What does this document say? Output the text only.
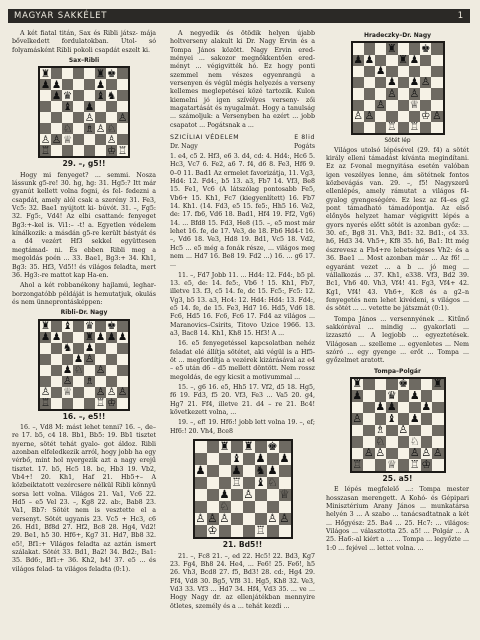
MAGYAR SAKKÉLET	1

A két fiatal titán, Sax és Ribli játsz- mája bővelkedett fordulatokban. Utol- só folyamásként Ribli pokoli csapdát eszelt ki.

Sax–Ribli
♜	♜ ♚
♟ ♟	♟
♟ ♛ ♝ ♞
♝ ♟
♙ ♙
♘ ♗ ♙ ♘
♙ ♙ ♕	♙
♖	♔ ♖
29. –, g5!!

Hogy mi fenyeget? ... semmi. Noszа lássunk g5-re! 30. hg, hg: 31. Hg5:? Itt már gyanút kellett volna fogni, és fel- fedezni a csapdát, amely alól csak a szerény 31. Fe3, Vc5: 32. Bae1 nyújtott ki- búvót. 31. –, Fg5: 32. Fg5:, Vd4! Az elbi csattanó: fenyeget Bg3:+-kel is. Vi1:– -t! a. Egyetlen védelem kínálkozik: a másdán g5-re került bástyát és a d4 vezért Hf3 sekkel együttesen megtámad- ni. És ebben Ribli meg a megoldás poén ... 33. Bae1, Bg3:+ 34. Kh1, Bg3: 35. Hf3, Vd5!! és világos feladta, mert 36. Hg3:-re mattot kap Ha-en.

Ahol a két robbanékony hajlamú, leghar- borzongatóbb példáját is hemutatjuk, okulás és nem ünneprontásképpen:

Ribli–Dr. Nagy
♜ ♝ ♛ ♚
♟ ♟ ♜ ♟ ♟ ♟
♞ ♟
♟ ♙
♟ ♘ ♙
♙ ♗
♙ ♕ ♙ ♙ ♙
♖	♖ ♔
16. –, e5!!

16. –, Vd8 M: mást lehet tenni? 16. –, de–re 17. b5, c4 18. Bb1, Bb5: 19. Bb1 tisztet nyerne, sötét tehát gyalo- got áldoz. Ribli azonban elfeledkezik arról, hogy jobb ha egy vérbő, mint hol nyergezik azt a nagy erejű tisztet. 17. b5, Hc5 18. bc, Hb3 19. Vb2, Vb4+! 20. Kh1, Haf 21. Hb5+– A közbeiktatott vezércsere nélkül Ribli könnyű sorsa lett volna. Világos 21. Va1, Vc6 22. Hd5 – e5 Vel 23. –, Kg8 22. ab:, Bab8 23. Va1, Bb7: Sötét nem is vesztette el a versenyt. Sötét ugyanis 23. Vc5 + Hc3, c6 26. Hd1, Bf8d 27. Hf2, Bc8 28. Hg4, Vd2! 29. Be1, h5 30. Hf6+, Kg7 31. Hd7, Bb8 32. e5!, Bf1:+ Világos feladta az aztán ismert szálakat. Sötét 33. Bd1, Ba2! 34. Bd2:, Ba1: 35. Bd6:, Bf1:+ 36. Kh2, h4! 37. e5 ... és világos felad- ta világos feladta (0:1).

A negyedik és ötödik helyen újabb holtverseny alakult ki Dr. Nagy Ervin és a Tompa János között. Nagy Ervin ered- ményei ... sakozor megnőkkentően ered- ményt ... végigvitték hó. Ez hogy ponti szemmel nem vészes egyenrangú a versenyen és végül mégis helyezés a verseny kellemes meglepetései közé tartozik. Kulon kiemelni jó igen szívélyes verseny- zői magatartását és nyugalmát. Hogy a tanulság ... számoljuk: a Versenyben ha ezért ... jobb csapatot ... Pogátsnak a ...

SZICÍLIAI VÉDELEM	E 8lid
Dr. Nagy	Pogáts

1. e4, c5 2. Hf3, e6 3. d4, cd: 4. Hd4:, Hc6 5. Hc3, Vc7 6. Fe2, a6 7. f4, d6 8. Fe3, Hf6 9. 0–0 11. Bad1 Az ermelet favorizátja, 11. Vg3, Hd4: 12. Fd4:, b5 13. a3, Fb7 14. Vf3, Be8 15. Fe1, Vc6 (A látszólag pontosabb Fe5, Vb6+ 15. Kh1, Fc7 (kiegyenlített) 16. Fb7 14. Kh1. (14. Fd3, e5 15. fe5:, Hh5 16. Ve2, de: 17. fb6, Vd6 18. Bad1, Hf4 19. Ff2, Vg6) 14. ... Bfd8 15. Fd3, He8 (15. –, e5 most már lehet 16. fe, de 17. Ve3, de 18. Fb6 Hd4-t 16. –, Vd6 18. Ve3, Hd8 19. Bd1, Vc5 18. Vd2, Hc5 ... e5 még a fonák része, ... világos meg nem ... Hd7 16. Be8 19. Fd2 ...) 16. ... g6 17. ...

11. –, Fd7 Jobb 11. ... Hd4: 12. Fd4:, b5 pl. 13. e5, de: 14. fe5:, Vb6 ! 15. Kh1, Fb7, illetve 13. f3, c5 14. fe, dc 15. Fc5:, Fc5: 12. Vg3, b5 13. a3, Hc4: 12. Hd4: Hd4: 13. Fd4:, e5 14. fe, de 15. Fe3, Hd7 16. Hd5, Vd6 18. Fc6, Hd5 16. Fc6, Fc6 17. Fd4 az világos ... Maranovics–Csirits, Titovo Uzice 1966. 13. a3, Bac8 14. Kh1, Kh8 15. Hf3! A ...

16. e5 fenyegetéssel kapcsolatban nehéz feladat elé állítja sötétet, aki végül is a Hf5-öt ... megfordítja a vezérek kizárásával az e4 – e5 után d6 – d5 mellett döntött. Nem rossz megoldás, de egy kicsit a motivummal ...

15. –, g6 16. e5, Hh5 17. Vf2, d5 18. Hg5, f6 19. Fd3, f5 20. Vf3, Fe3 ... Va5 20. g4, Hg7 21. Ff4, illetve 21. d4 – re 21. Bc4! következett volna, ...

19. –, ef! 19. Hf6:! jobb lett volna 19. –, ef; Hf6:! 20. Vh4, Bce8

♜ ♜ ♚
♝ ♟ ♟
♟ ♟ ♞ ♟
♖ ♝ ♘
♟ ♙ ♕
♘
♙ ♙ ♙	♙ ♙
♔	♖
21. Bd5!!

21. –, Fc8 21. –, ed 22. Hc5! 22. Bd3, Kg7 23. Fg4, Bh8 24. He4, ... Fe6! 25. Fe6!, h5 26. Vh3, Bcd8 27. f5, Bd3! 28. cd:, Hg4 29. Ff4, Vd8 30. Bg5, Vf8 31. Hg5, Kh8 32. Ve3, Vd3 33. Vf3 ... Hd7 34. Hf4, Vd3 35. ... ve ... Hogy Nagy dr. az ellenjátékban mennyire ötletes, személy és a ... tehát kezdi ...

Hradeczky–Dr. Nagy
♜ ♚
♟ ♟ ♜ ♟
♟
♟ ♟ ♙
♙ ♙
♙ ♕
♙ ♙	♔ ♙
♖ ♖
Sötét lép

Világos utolsó lépésével (29. f4) a sötét király elleni támadást kívánta megindítani. Ez az f-vonal megnyitása esetén valóban igen veszélyes lenne, ám sötétnek fontos közbevágás van. 29. –, f5! Nagyszerű ellenlépés, amely rámutat a világos f4-gyalog gyengeségére. Ez lesz az f4–es g2 pont támadható támadópontja. Az első előnyös helyzet hamar végigvitt lépés a gyors nyerés előtt sötét is azonban győz: ... 30. ef:, Bg8 31. Vh3, Bd1: 32. Bd1:, c4 33. h6, Hd3 34. Vh5+, Kf8 35. h6, Ba1: Itt még észrevesz a Fh4+re lebetségeses Vh2: és a 36. Bae1 ... Most azonban már ... Az f6! ... egyaránt vezet ... a b ... jó meg ... vállalkozás ... 37. Kh1, e338. Vf3, Bd2 39. Bc1, Vh6 40. Vh3, Vf4! 41. Fg3, Vf4+ 42. Kg1, Vf4! 43. Vh6+, Kc8 és a g2–n fenyegetés nem lehet kivédeni, s világos ... és sötét ... ... vetette be játszmát (0:1).

Tompa János ... versennyének ... Kitűnő sakkórával ... mindig ... gyakorlati ... izzasztó ... A legjobb ... egyeztetések. Világosan ... szelleme ... egyenletes ... Nem szóró ... egy gyenge ... erőt ... Tompa ... győzelmet aratott.

Tompa–Polgár
♜	♚ ♜
♟ ♛ ♟
♟ ♟ ♟
♙ ♝ ♟
♗ ♙
♘ ♘
♙ ♙ ♙ ♙ ♙
♖ ♕ ♖ ♔
25. a5!

E lépés megfelelő ...: Tompa mester hosszasan merengett. A Kohó- és Gépipari Minisztérium Arany János ... munkatársa helyén 3 ... A szabo ... tanácsadtatnak a két ... Hőgyész: 25. Ba4 ... 25. Hc7: ... világos: Világos ... választotta 25. a5! ... Polgár ... A 25. Ha6:-al kiért a ... ... Tompa ... legyőzte ... 1:0 ... fejével ... lettet volna. ...
